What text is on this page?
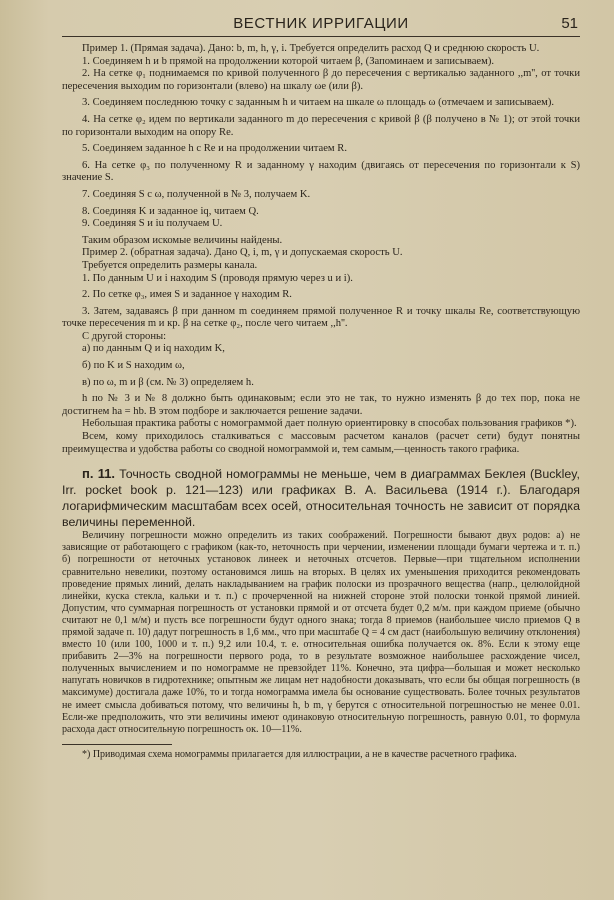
ВЕСТНИК ИРРИГАЦИИ	51

Пример 1. (Прямая задача). Дано: b, m, h, γ, i. Требуется определить расход Q и среднюю скорость U.

1. Соединяем h и b прямой на продолжении которой читаем β, (Запоминаем и записываем).

2. На сетке φ₁ поднимаемся по кривой полученного β до пересечения с вертикалью заданного ,,m'', от точки пересечения выходим по горизонтали (влево) на шкалу ωe (или β).

3. Соединяем последнюю точку с заданным h и читаем на шкале ω площадь ω (отмечаем и записываем).

4. На сетке φ₂ идем по вертикали заданного m до пересечения с кривой β (β получено в № 1); от этой точки по горизонтали выходим на опору Re.

5. Соединяем заданное h с Re и на продолжении читаем R.

6. На сетке φ₃ по полученному R и заданному γ находим (двигаясь от пересечения по горизонтали к S) значение S.

7. Соединяя S с ω, полученной в № 3, получаем K.

8. Соединяя K и заданное iq, читаем Q.

9. Соединяя S и iu получаем U.

Таким образом искомые величины найдены.

Пример 2. (обратная задача). Дано Q, i, m, γ и допускаемая скорость U.

Требуется определить размеры канала.

1. По данным U и i находим S (проводя прямую через u и i).

2. По сетке φ₃, имея S и заданное γ находим R.

3. Затем, задаваясь β при данном m соединяем прямой полученное R и точку шкалы Re, соответствующую точке пересечения m и кр. β на сетке φ₂, после чего читаем ,,h''.

С другой стороны:

а) по данным Q и iq находим K,

б) по K и S находим ω,

в) по ω, m и β (см. № 3) определяем h.

h по № 3 и № 8 должно быть одинаковым; если это не так, то нужно изменять β до тех пор, пока не достигнем hа = hb. В этом подборе и заключается решение задачи.

Небольшая практика работы с номограммой дает полную ориентировку в способах пользования графиков *).

Всем, кому приходилось сталкиваться с массовым расчетом каналов (расчет сети) будут понятны преимущества и удобства работы со сводной номограммой и, тем самым,—ценность такого графика.

п. 11. Точность сводной номограммы не меньше, чем в диаграммах Беклея (Buckley, Irr. pocket book p. 121—123) или графиках В. А. Васильева (1914 г.). Благодаря логарифмическим масштабам всех осей, относительная точность не зависит от порядка величины переменной.

Величину погрешности можно определить из таких соображений. Погрешности бывают двух родов: а) не зависящие от работающего с графиком (как-то, неточность при черчении, изменении площади бумаги чертежа и т. п.) б) погрешности от неточных установок линеек и неточных отсчетов. Первые—при тщательном исполнении сравнительно невелики, поэтому остановимся лишь на вторых. В целях их уменьшения приходится рекомендовать проведение прямых линий, делать накладыванием на график полоски из прозрачного вещества (напр., целюлойдной линейки, куска стекла, кальки и т. п.) с прочерченной на нижней стороне этой полоски тонкой прямой линией. Допустим, что суммарная погрешность от установки прямой и от отсчета будет 0,2 м/м. при каждом приеме (обычно считают не 0,1 м/м) и пусть все погрешности будут одного знака; тогда 8 приемов (наибольшее число приемов Q в прямой задаче п. 10) дадут погрешность в 1,6 мм., что при масштабе Q = 4 см даст (наибольшую величину отклонения) вместо 10 (или 100, 1000 и т. п.) 9,2 или 10.4, т. е. относительная ошибка получается ок. 8%. Если к этому еще прибавить 2—3% на погрешности первого рода, то в результате возможное наибольшее расхождение чисел, полученных вычислением и по номограмме не превзойдет 11%. Конечно, эта цифра—большая и может несколько напугать новичков в гидротехнике; опытным же лицам нет надобности доказывать, что если бы общая погрешность (в максимуме) достигала даже 10%, то и тогда номограмма имела бы основание существовать. Более точных результатов не имеет смысла добиваться потому, что величины h, b m, γ берутся с относительной погрешностью не менее 0.01. Если-же предположить, что эти величины имеют одинаковую относительную погрешность, равную 0.01, то формула расхода даст относительную погрешность ок. 10—11%.

*) Приводимая схема номограммы прилагается для иллюстрации, а не в качестве расчетного графика.
